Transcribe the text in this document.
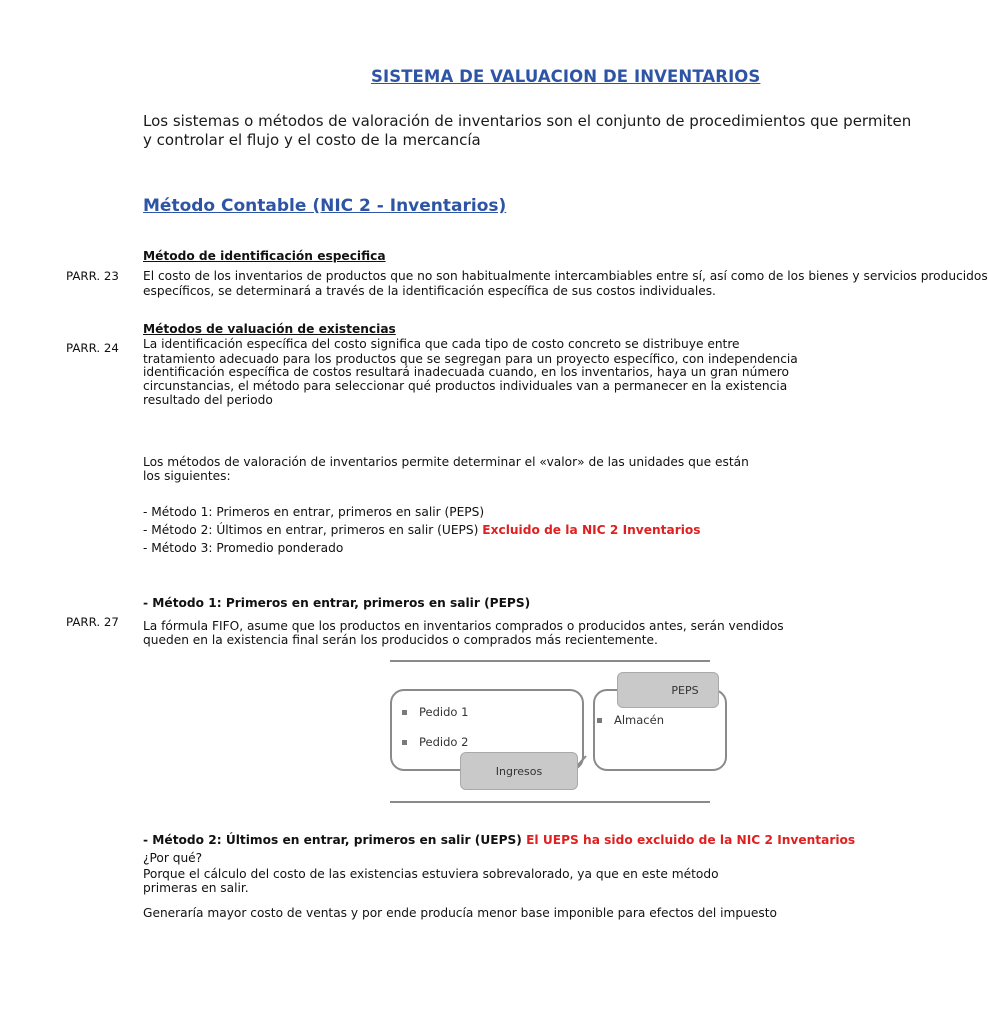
SISTEMA DE VALUACION DE INVENTARIOS
Los sistemas o métodos de valoración de inventarios son el conjunto de procedimientos que permiten
y controlar el flujo y el costo de la mercancía
Método Contable (NIC 2 - Inventarios)
Método de identificación especifica
PARR. 23 El costo de los inventarios de productos que no son habitualmente intercambiables entre sí, así como de los bienes y servicios producidos
específicos, se determinará a través de la identificación específica de sus costos individuales.
Métodos de valuación de existencias
PARR. 24 La identificación específica del costo significa que cada tipo de costo concreto se distribuye entre
tratamiento adecuado para los productos que se segregan para un proyecto específico, con independencia
identificación específica de costos resultará inadecuada cuando, en los inventarios, haya un gran número
circunstancias, el método para seleccionar qué productos individuales van a permanecer en la existencia
resultado del periodo
Los métodos de valoración de inventarios permite determinar el «valor» de las unidades que están
los siguientes:
- Método 1: Primeros en entrar, primeros en salir (PEPS)
- Método 2: Últimos en entrar, primeros en salir (UEPS) Excluido de la NIC 2 Inventarios
- Método 3: Promedio ponderado
- Método 1: Primeros en entrar, primeros en salir (PEPS)
PARR. 27 La fórmula FIFO, asume que los productos en inventarios comprados o producidos antes, serán vendidos
queden en la existencia final serán los producidos o comprados más recientemente.
Pedido 1
Pedido 2
Ingresos
Almacén
PEPS
- Método 2: Últimos en entrar, primeros en salir (UEPS) El UEPS ha sido excluido de la NIC 2 Inventarios
¿Por qué?
Porque el cálculo del costo de las existencias estuviera sobrevalorado, ya que en este método
primeras en salir.
Generaría mayor costo de ventas y por ende producía menor base imponible para efectos del impuesto
